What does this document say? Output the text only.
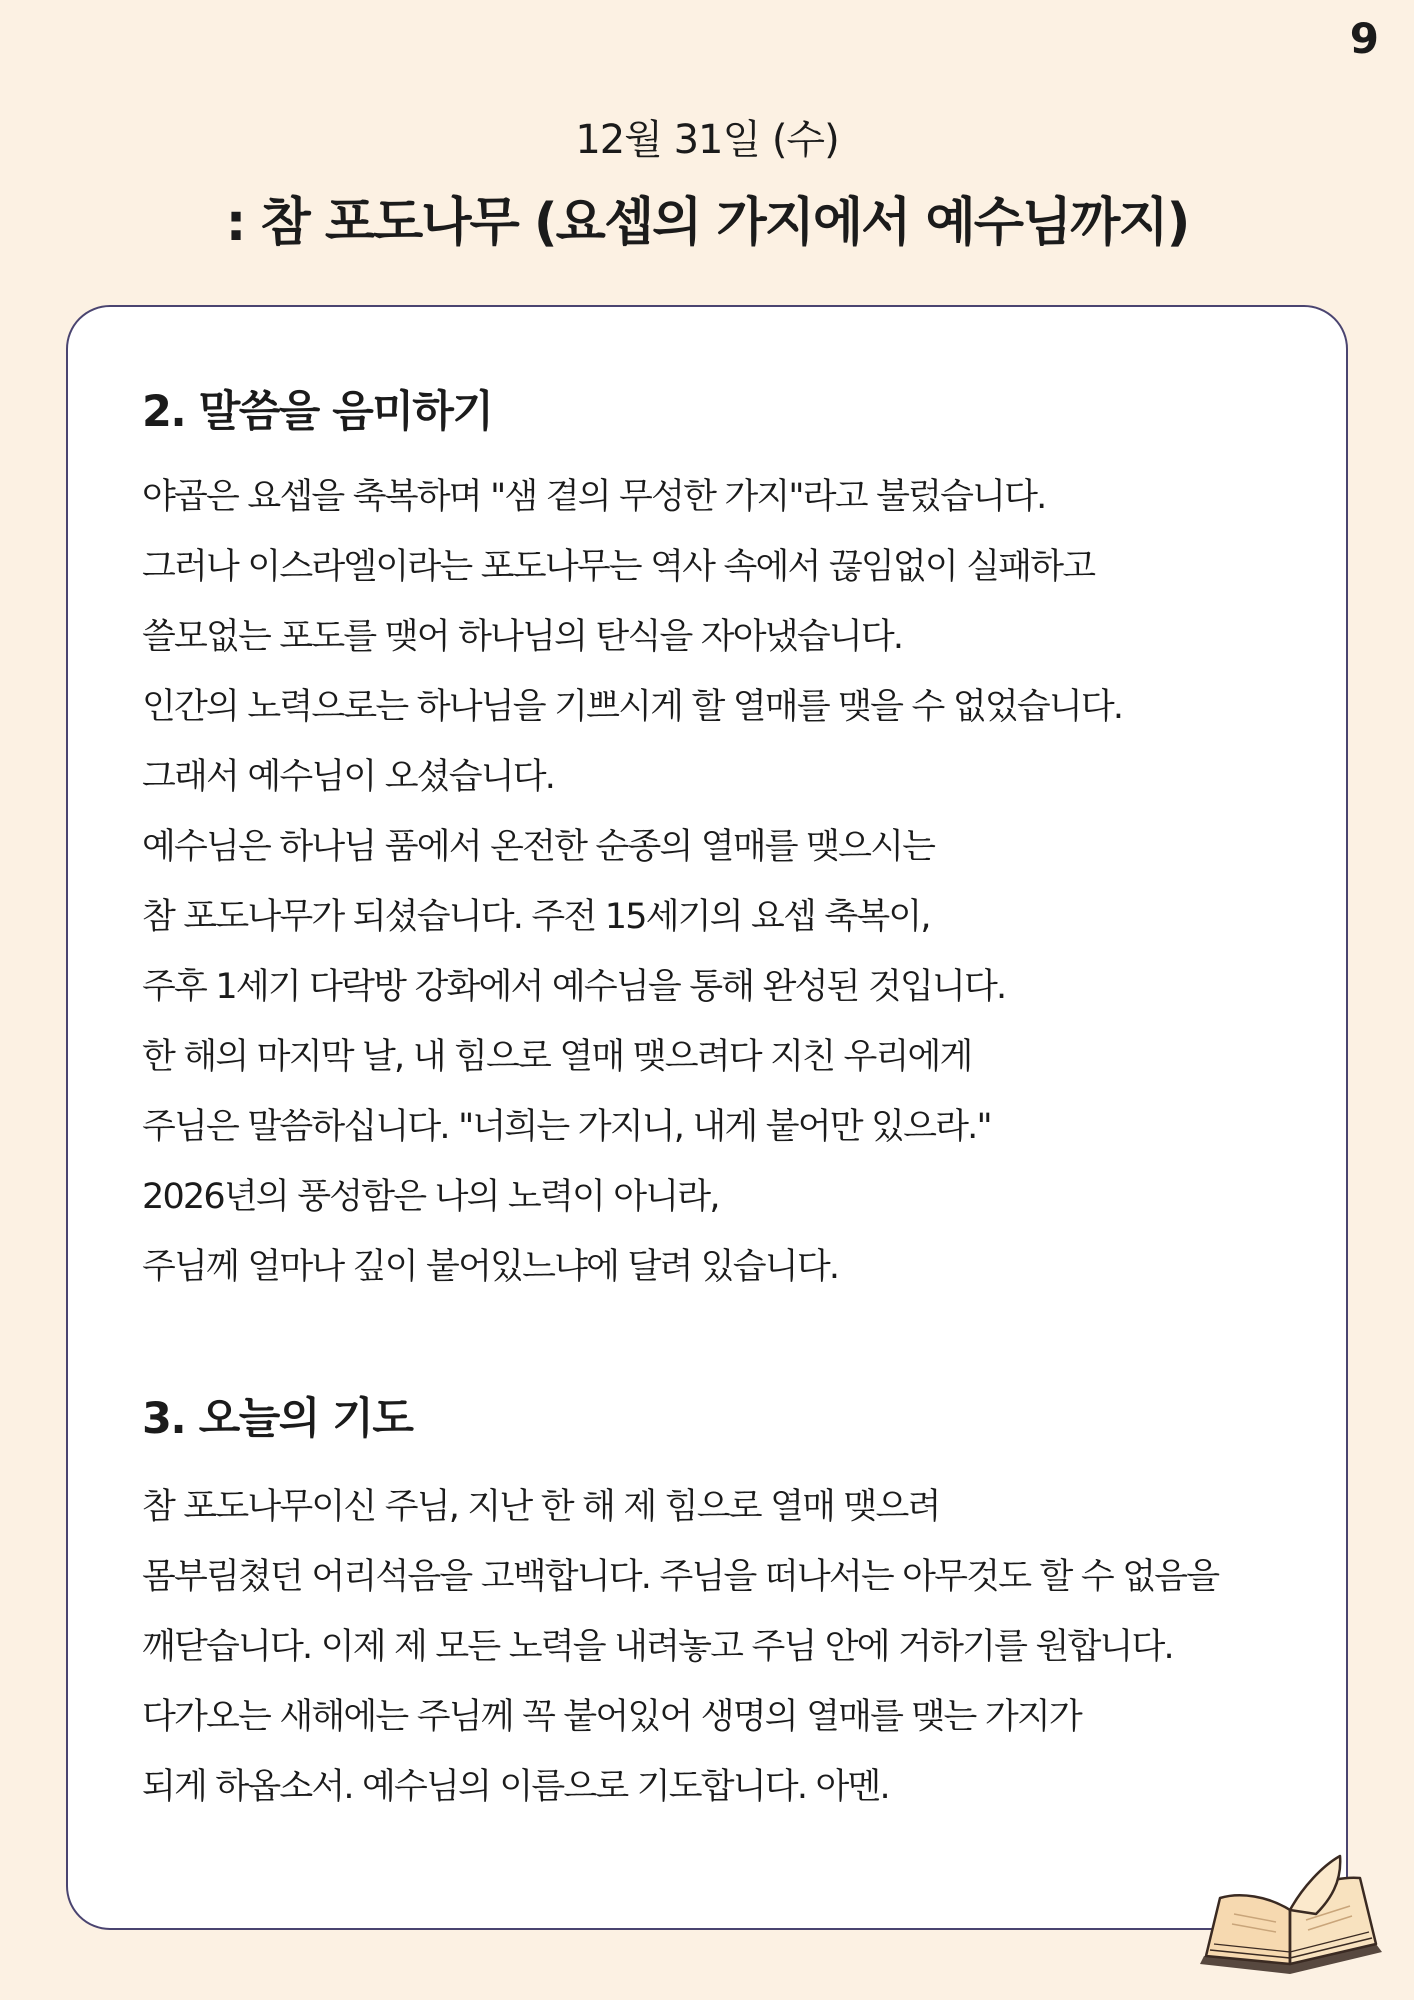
9
12월 31일 (수)
: 참 포도나무 (요셉의 가지에서 예수님까지)
2. 말씀을 음미하기
야곱은 요셉을 축복하며 "샘 곁의 무성한 가지"라고 불렀습니다.
그러나 이스라엘이라는 포도나무는 역사 속에서 끊임없이 실패하고
쓸모없는 포도를 맺어 하나님의 탄식을 자아냈습니다.
인간의 노력으로는 하나님을 기쁘시게 할 열매를 맺을 수 없었습니다.
그래서 예수님이 오셨습니다.
예수님은 하나님 품에서 온전한 순종의 열매를 맺으시는
참 포도나무가 되셨습니다. 주전 15세기의 요셉 축복이,
주후 1세기 다락방 강화에서 예수님을 통해 완성된 것입니다.
한 해의 마지막 날, 내 힘으로 열매 맺으려다 지친 우리에게
주님은 말씀하십니다. "너희는 가지니, 내게 붙어만 있으라."
2026년의 풍성함은 나의 노력이 아니라,
주님께 얼마나 깊이 붙어있느냐에 달려 있습니다.
3. 오늘의 기도
참 포도나무이신 주님, 지난 한 해 제 힘으로 열매 맺으려
몸부림쳤던 어리석음을 고백합니다. 주님을 떠나서는 아무것도 할 수 없음을
깨닫습니다. 이제 제 모든 노력을 내려놓고 주님 안에 거하기를 원합니다.
다가오는 새해에는 주님께 꼭 붙어있어 생명의 열매를 맺는 가지가
되게 하옵소서. 예수님의 이름으로 기도합니다. 아멘.
